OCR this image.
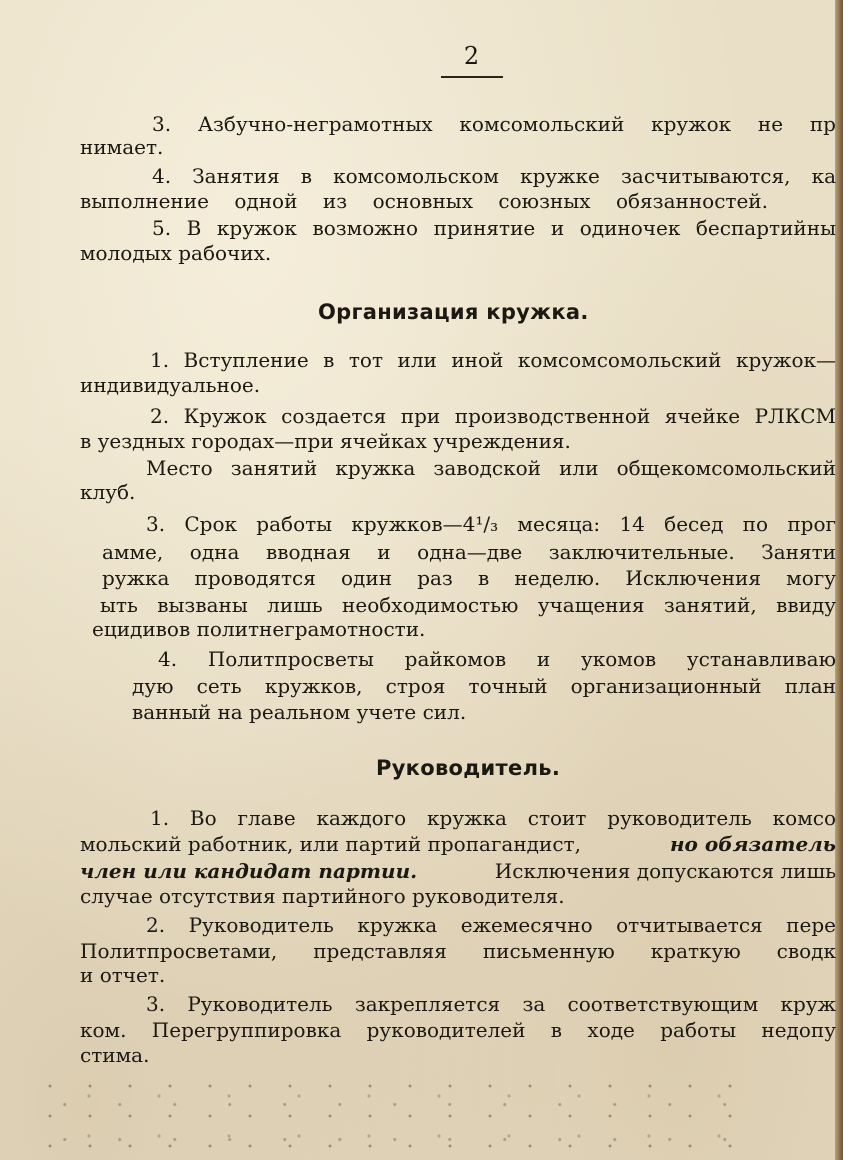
2
3. Азбучно-неграмотных комсомольский кружок не пр
нимает.
4. Занятия в комсомольском кружке засчитываются, ка
выполнение одной из основных союзных обязанностей.
5. В кружок возможно принятие и одиночек беспартийны
молодых рабочих.
Организация кружка.
1. Вступление в тот или иной комсомсомольский кружок—
индивидуальное.
2. Кружок создается при производственной ячейке РЛКСМ
в уездных городах—при ячейках учреждения.
Место занятий кружка заводской или общекомсомольский
клуб.
3. Срок работы кружков—4¹/₃ месяца: 14 бесед по прог
амме, одна вводная и одна—две заключительные. Заняти
ружка проводятся один раз в неделю. Исключения могу
ыть вызваны лишь необходимостью учащения занятий, ввиду
ецидивов политнеграмотности.
4. Политпросветы райкомов и укомов устанавливаю
дую сеть кружков, строя точный организационный план
ванный на реальном учете сил.
Руководитель.
1. Во главе каждого кружка стоит руководитель комсо
мольский работник, или партий пропагандист,	но обязатель
член или кандидат партии.	Исключения допускаются лишь
случае отсутствия партийного руководителя.
2. Руководитель кружка ежемесячно отчитывается пере
Политпросветами, представляя письменную краткую сводк
и отчет.
3. Руководитель закрепляется за соответствующим круж
ком. Перегруппировка руководителей в ходе работы недопу
стима.
